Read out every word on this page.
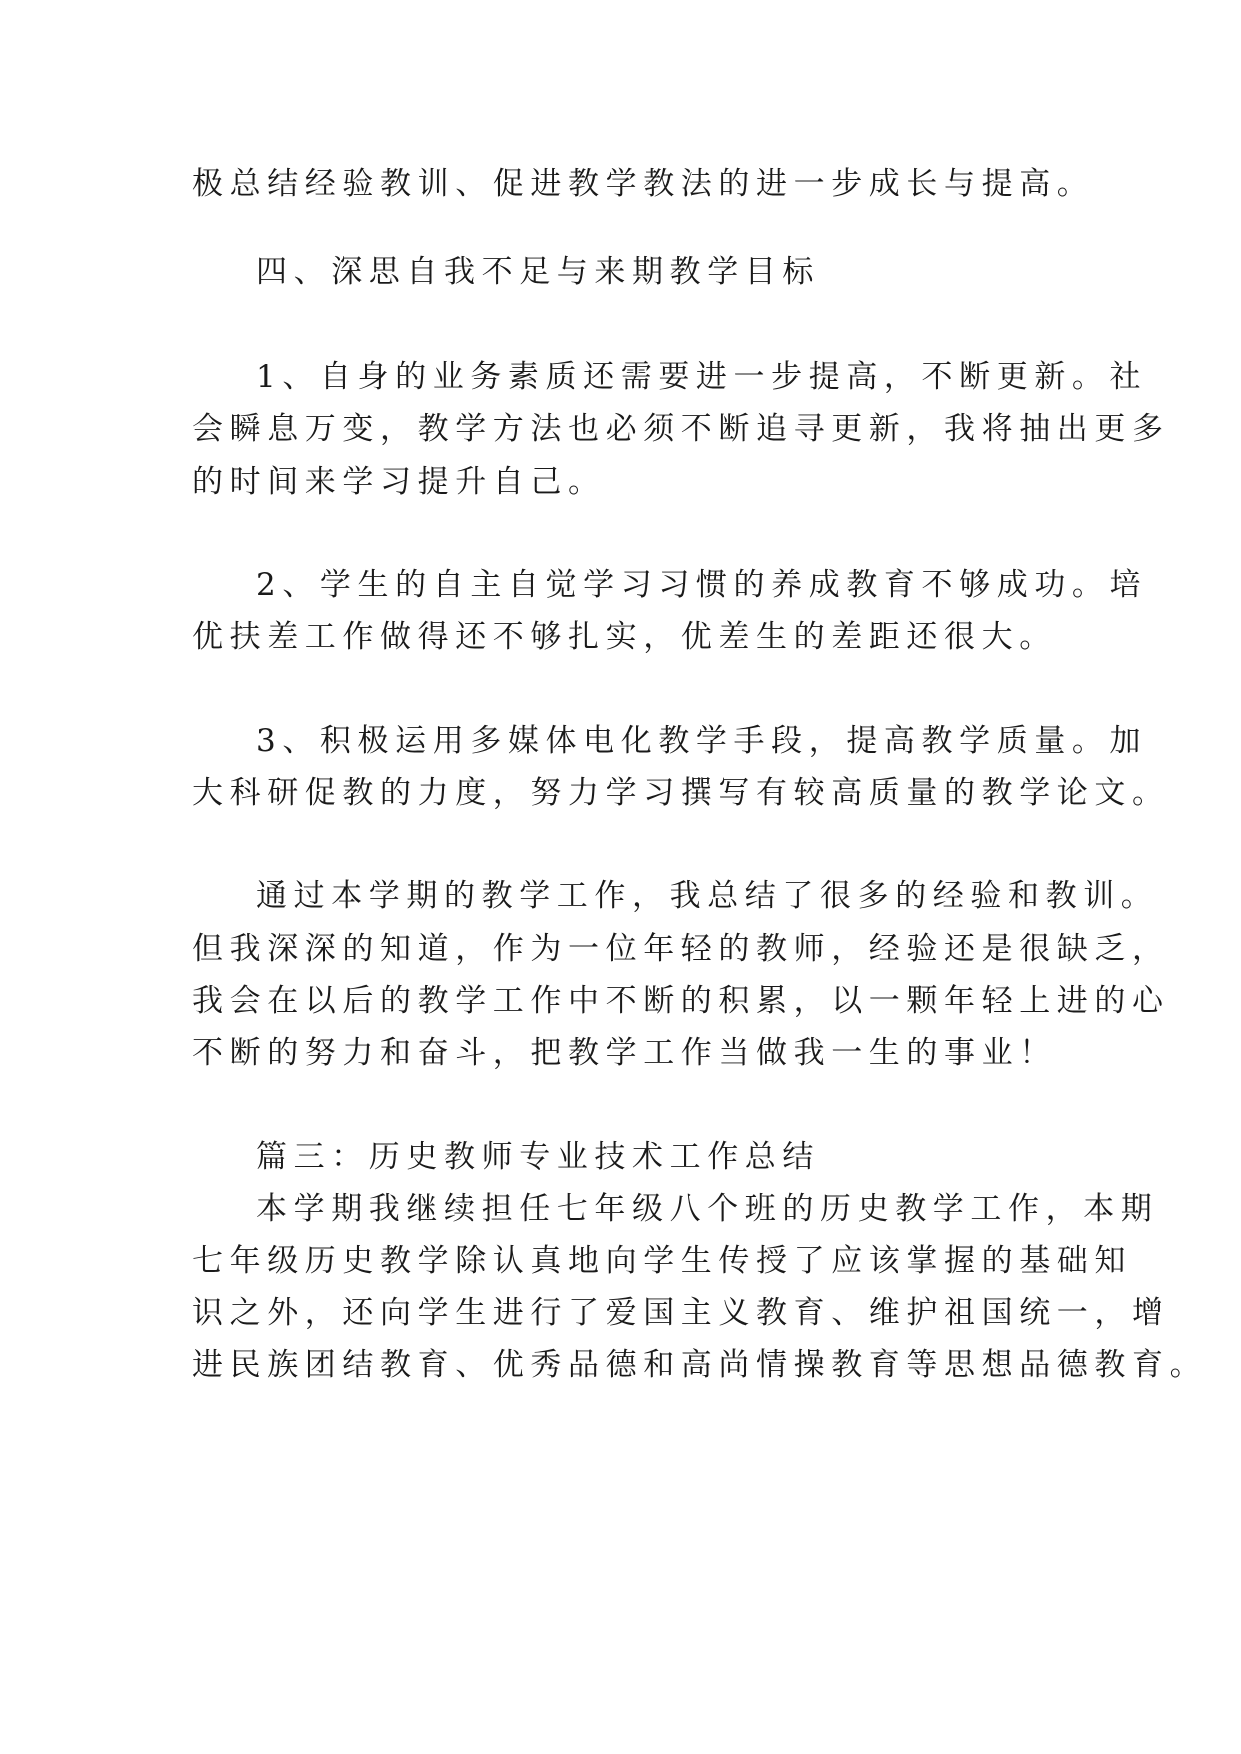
极总结经验教训、促进教学教法的进一步成长与提高。
四、深思自我不足与来期教学目标
1、自身的业务素质还需要进一步提高，不断更新。社
会瞬息万变，教学方法也必须不断追寻更新，我将抽出更多
的时间来学习提升自己。
2、学生的自主自觉学习习惯的养成教育不够成功。培
优扶差工作做得还不够扎实，优差生的差距还很大。
3、积极运用多媒体电化教学手段，提高教学质量。加
大科研促教的力度，努力学习撰写有较高质量的教学论文。
通过本学期的教学工作，我总结了很多的经验和教训。
但我深深的知道，作为一位年轻的教师，经验还是很缺乏，
我会在以后的教学工作中不断的积累，以一颗年轻上进的心
不断的努力和奋斗，把教学工作当做我一生的事业！
篇三：历史教师专业技术工作总结
本学期我继续担任七年级八个班的历史教学工作，本期
七年级历史教学除认真地向学生传授了应该掌握的基础知
识之外，还向学生进行了爱国主义教育、维护祖国统一，增
进民族团结教育、优秀品德和高尚情操教育等思想品德教育。
